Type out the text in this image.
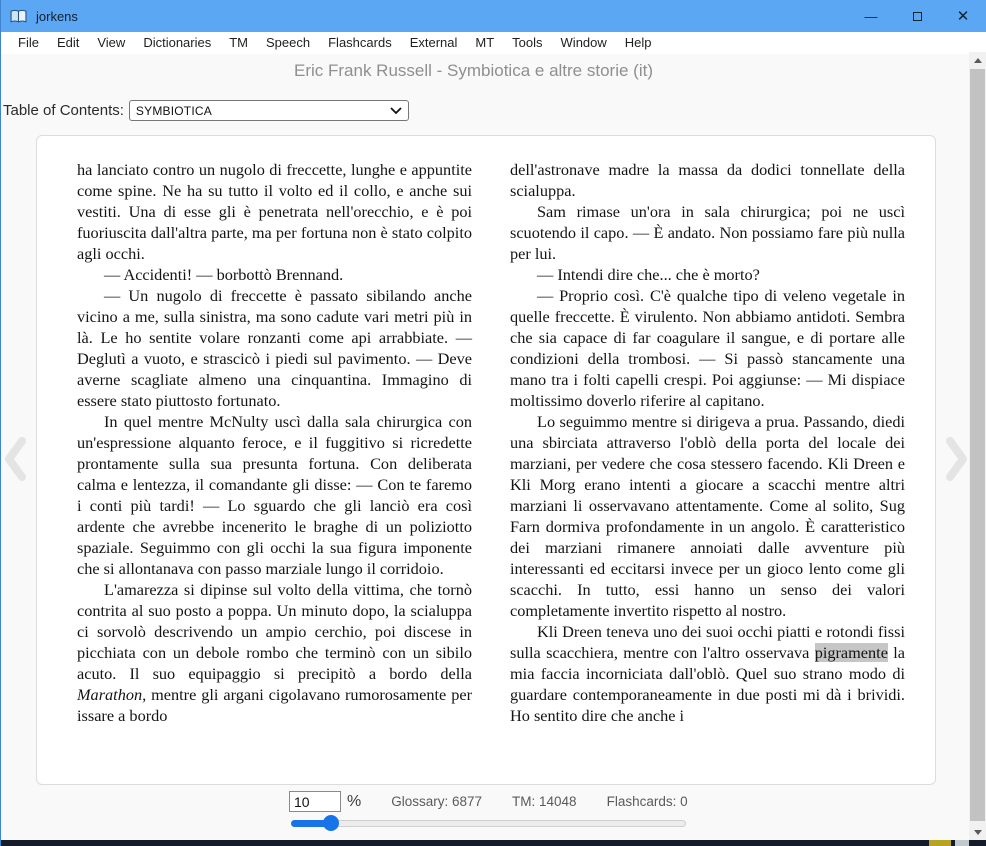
jorkens	—	✕
File	Edit	View	Dictionaries	TM	Speech	Flashcards	External	MT	Tools	Window	Help
Eric Frank Russell - Symbiotica e altre storie (it)
Table of Contents: SYMBIOTICA

ha lanciato contro un nugolo di freccette, lunghe e appuntite come spine. Ne ha su tutto il volto ed il collo, e anche sui vestiti. Una di esse gli è penetrata nell'orecchio, e è poi fuoriuscita dall'altra parte, ma per fortuna non è stato colpito agli occhi.

— Accidenti! — borbottò Brennand.

— Un nugolo di freccette è passato sibilando anche vicino a me, sulla sinistra, ma sono cadute vari metri più in là. Le ho sentite volare ronzanti come api arrabbiate. — Deglutì a vuoto, e strascicò i piedi sul pavimento. — Deve averne scagliate almeno una cinquantina. Immagino di essere stato piuttosto fortunato.

In quel mentre McNulty uscì dalla sala chirurgica con un'espressione alquanto feroce, e il fuggitivo si ricredette prontamente sulla sua presunta fortuna. Con deliberata calma e lentezza, il comandante gli disse: — Con te faremo i conti più tardi! — Lo sguardo che gli lanciò era così ardente che avrebbe incenerito le braghe di un poliziotto spaziale. Seguimmo con gli occhi la sua figura imponente che si allontanava con passo marziale lungo il corridoio.

L'amarezza si dipinse sul volto della vittima, che tornò contrita al suo posto a poppa. Un minuto dopo, la scialuppa ci sorvolò descrivendo un ampio cerchio, poi discese in picchiata con un debole rombo che terminò con un sibilo acuto. Il suo equipaggio si precipitò a bordo della Marathon, mentre gli argani cigolavano rumorosamente per issare a bordo

dell'astronave madre la massa da dodici tonnellate della scialuppa.

Sam rimase un'ora in sala chirurgica; poi ne uscì scuotendo il capo. — È andato. Non possiamo fare più nulla per lui.

— Intendi dire che... che è morto?

— Proprio così. C'è qualche tipo di veleno vegetale in quelle freccette. È virulento. Non abbiamo antidoti. Sembra che sia capace di far coagulare il sangue, e di portare alle condizioni della trombosi. — Si passò stancamente una mano tra i folti capelli crespi. Poi aggiunse: — Mi dispiace moltissimo doverlo riferire al capitano.

Lo seguimmo mentre si dirigeva a prua. Passando, diedi una sbirciata attraverso l'oblò della porta del locale dei marziani, per vedere che cosa stessero facendo. Kli Dreen e Kli Morg erano intenti a giocare a scacchi mentre altri marziani li osservavano attentamente. Come al solito, Sug Farn dormiva profondamente in un angolo. È caratteristico dei marziani rimanere annoiati dalle avventure più interessanti ed eccitarsi invece per un gioco lento come gli scacchi. In tutto, essi hanno un senso dei valori completamente invertito rispetto al nostro.

Kli Dreen teneva uno dei suoi occhi piatti e rotondi fissi sulla scacchiera, mentre con l'altro osservava pigramente la mia faccia incorniciata dall'oblò. Quel suo strano modo di guardare contemporaneamente in due posti mi dà i brividi. Ho sentito dire che anche i

10
% Glossary: 6877 TM: 14048 Flashcards: 0
